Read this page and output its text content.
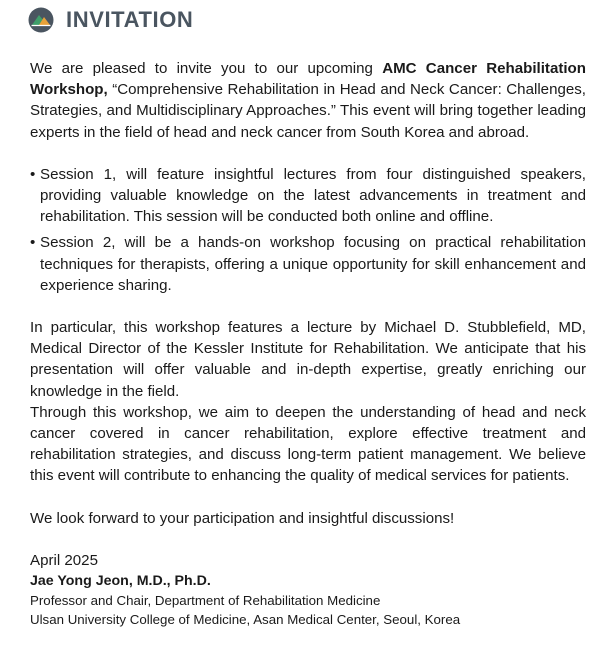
INVITATION

We are pleased to invite you to our upcoming AMC Cancer Rehabilitation Workshop, “Comprehensive Rehabilitation in Head and Neck Cancer: Challenges, Strategies, and Multidisciplinary Approaches.” This event will bring together leading experts in the field of head and neck cancer from South Korea and abroad.

• Session 1, will feature insightful lectures from four distinguished speakers, providing valuable knowledge on the latest advancements in treatment and rehabilitation. This session will be conducted both online and offline.
• Session 2, will be a hands-on workshop focusing on practical rehabilitation techniques for therapists, offering a unique opportunity for skill enhancement and experience sharing.

In particular, this workshop features a lecture by Michael D. Stubblefield, MD, Medical Director of the Kessler Institute for Rehabilitation. We anticipate that his presentation will offer valuable and in-depth expertise, greatly enriching our knowledge in the field.

Through this workshop, we aim to deepen the understanding of head and neck cancer covered in cancer rehabilitation, explore effective treatment and rehabilitation strategies, and discuss long-term patient management. We believe this event will contribute to enhancing the quality of medical services for patients.

We look forward to your participation and insightful discussions!

April 2025

Jae Yong Jeon, M.D., Ph.D.

Professor and Chair, Department of Rehabilitation Medicine

Ulsan University College of Medicine, Asan Medical Center, Seoul, Korea
